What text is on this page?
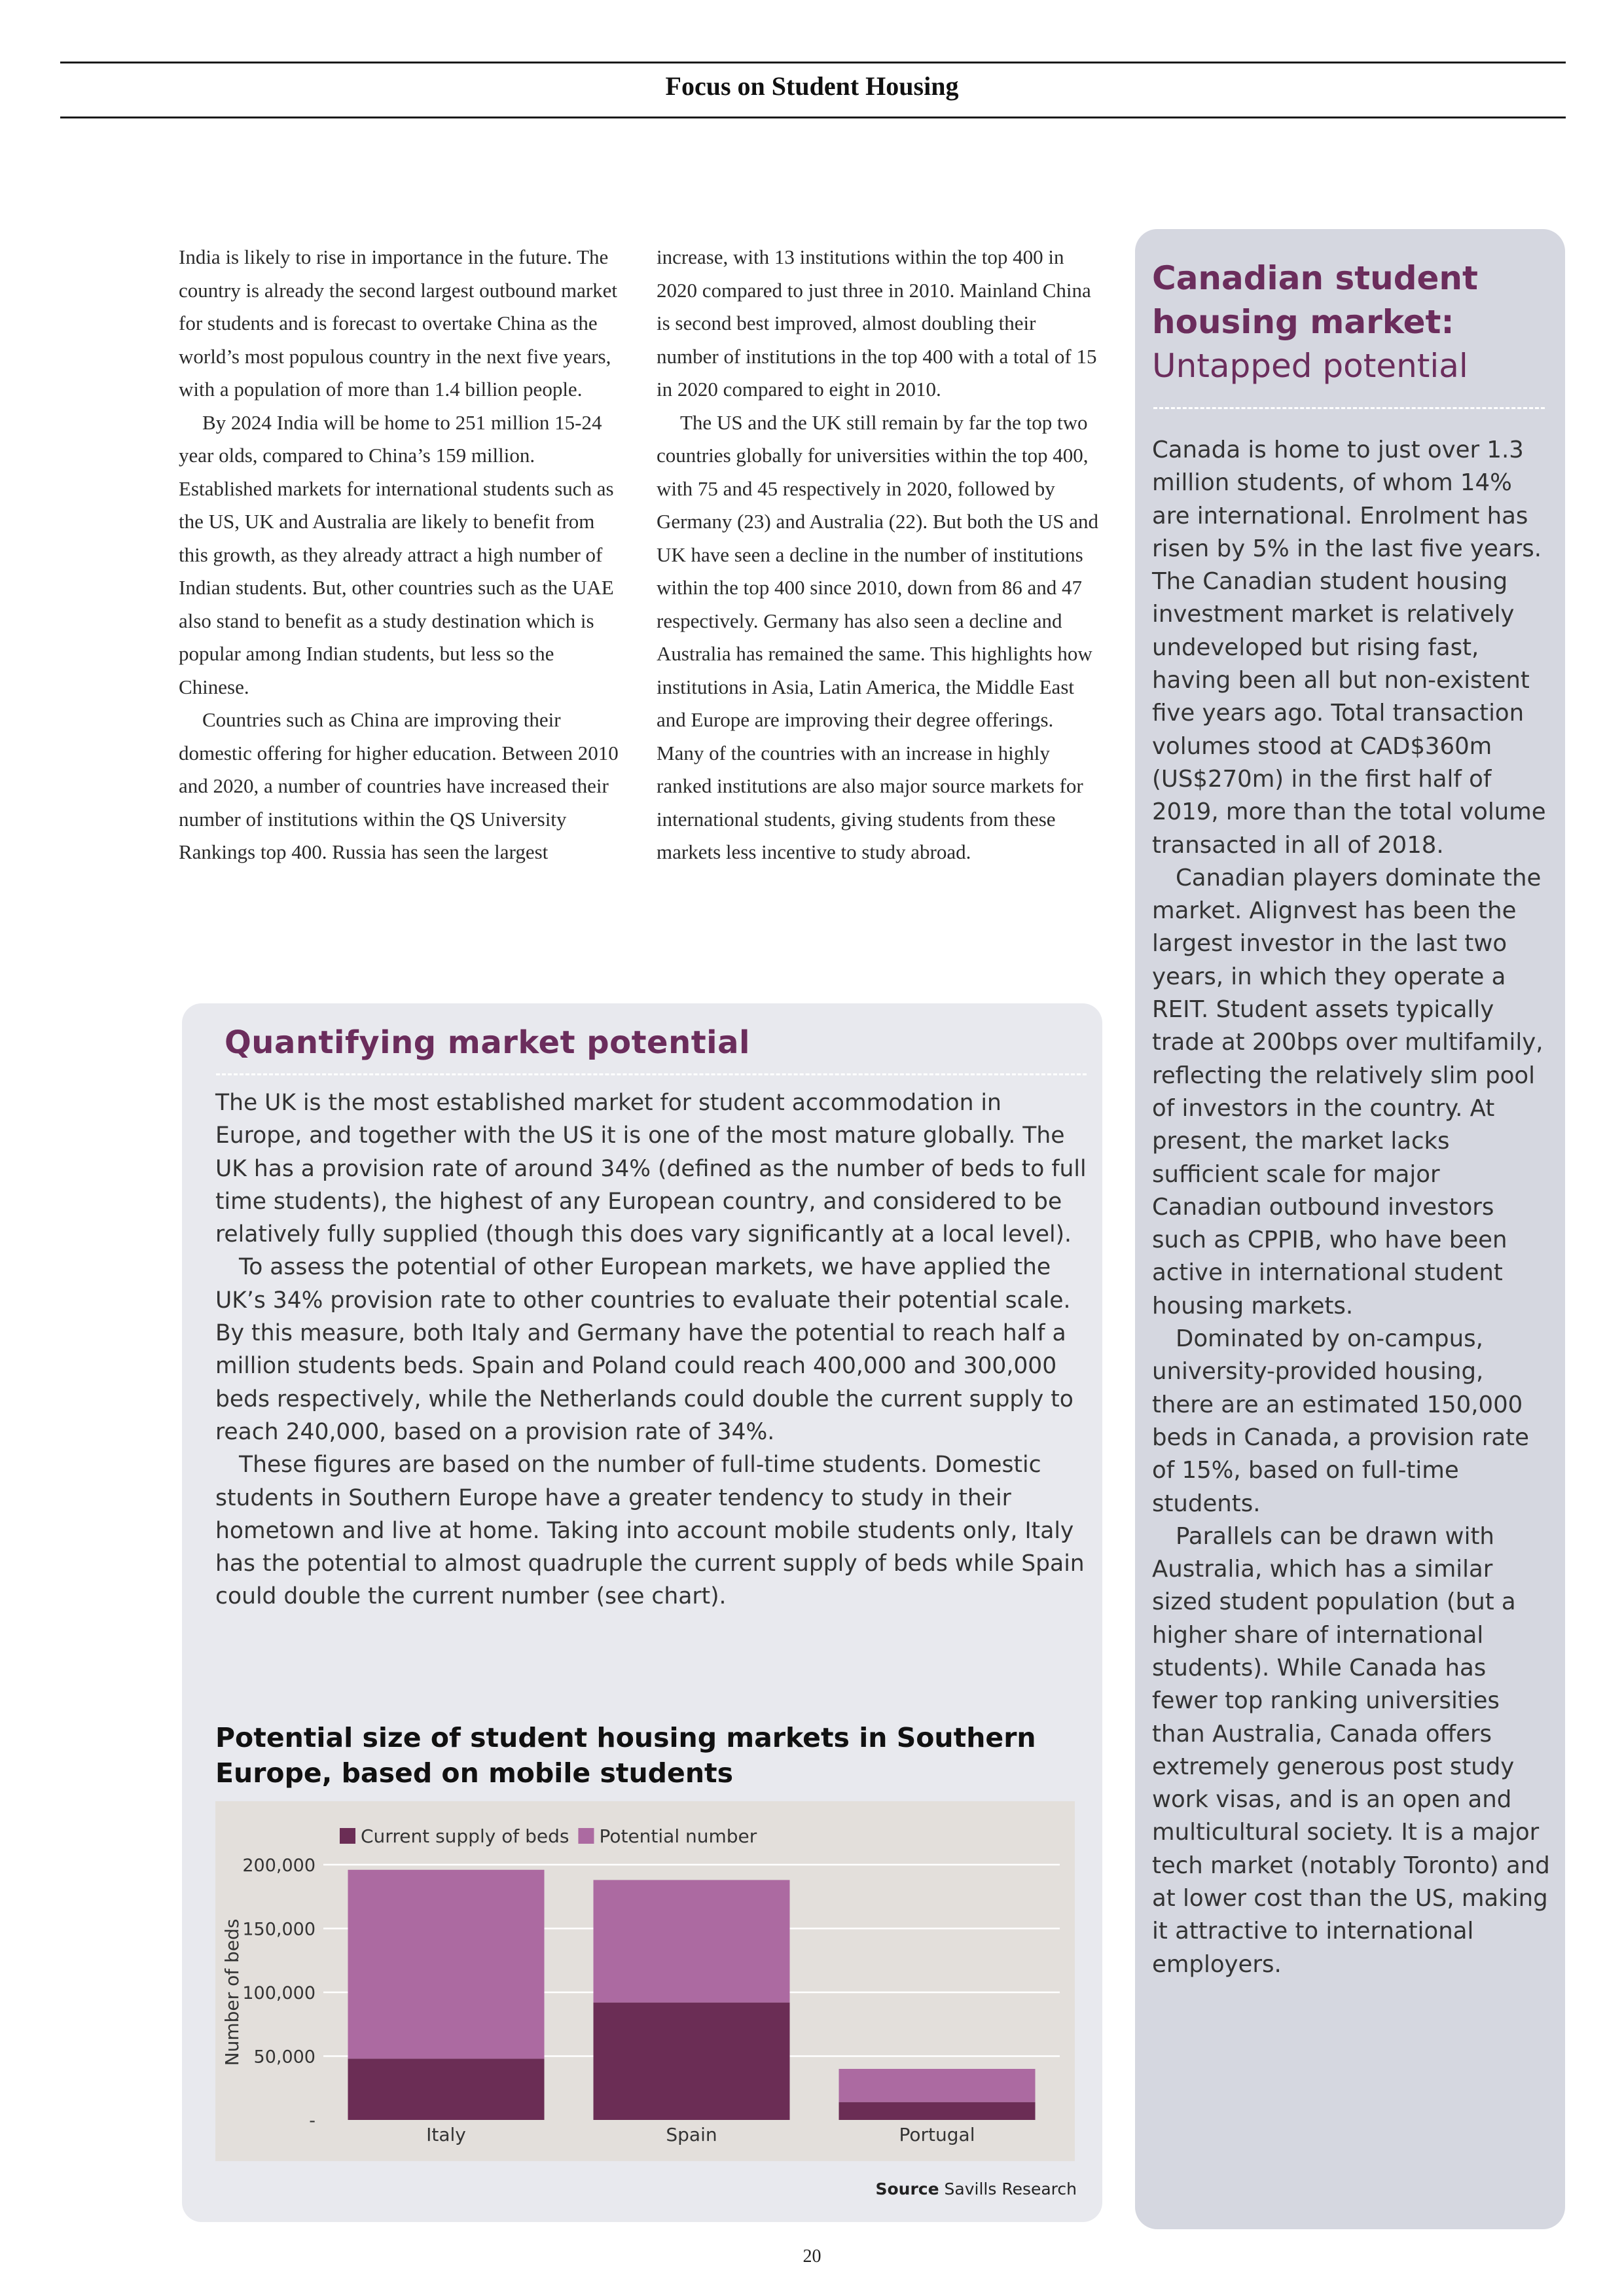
Focus on Student Housing

India is likely to rise in importance in the future. The country is already the second largest outbound market for students and is forecast to overtake China as the world’s most populous country in the next five years, with a population of more than 1.4 billion people.

By 2024 India will be home to 251 million 15-24 year olds, compared to China’s 159 million. Established markets for international students such as the US, UK and Australia are likely to benefit from this growth, as they already attract a high number of Indian students. But, other countries such as the UAE also stand to benefit as a study destination which is popular among Indian students, but less so the Chinese.

Countries such as China are improving their domestic offering for higher education. Between 2010 and 2020, a number of countries have increased their number of institutions within the QS University Rankings top 400. Russia has seen the largest

increase, with 13 institutions within the top 400 in 2020 compared to just three in 2010. Mainland China is second best improved, almost doubling their number of institutions in the top 400 with a total of 15 in 2020 compared to eight in 2010.

The US and the UK still remain by far the top two countries globally for universities within the top 400, with 75 and 45 respectively in 2020, followed by Germany (23) and Australia (22). But both the US and UK have seen a decline in the number of institutions within the top 400 since 2010, down from 86 and 47 respectively. Germany has also seen a decline and Australia has remained the same. This highlights how institutions in Asia, Latin America, the Middle East and Europe are improving their degree offerings. Many of the countries with an increase in highly ranked institutions are also major source markets for international students, giving students from these markets less incentive to study abroad.

Quantifying market potential

The UK is the most established market for student accommodation in Europe, and together with the US it is one of the most mature globally. The UK has a provision rate of around 34% (defined as the number of beds to full time students), the highest of any European country, and considered to be relatively fully supplied (though this does vary significantly at a local level).

To assess the potential of other European markets, we have applied the UK’s 34% provision rate to other countries to evaluate their potential scale. By this measure, both Italy and Germany have the potential to reach half a million students beds. Spain and Poland could reach 400,000 and 300,000 beds respectively, while the Netherlands could double the current supply to reach 240,000, based on a provision rate of 34%.

These figures are based on the number of full-time students. Domestic students in Southern Europe have a greater tendency to study in their hometown and live at home. Taking into account mobile students only, Italy has the potential to almost quadruple the current supply of beds while Spain could double the current number (see chart).

Potential size of student housing markets in Southern Europe, based on mobile students
-
50,000
100,000
150,000
200,000
Number of beds
Italy	Spain	Portugal
Current supply of beds Potential number
Source Savills Research
Canadian student
housing market:
Untapped potential

Canada is home to just over 1.3 million students, of whom 14% are international. Enrolment has risen by 5% in the last five years. The Canadian student housing investment market is relatively undeveloped but rising fast, having been all but non-existent five years ago. Total transaction volumes stood at CAD$360m (US$270m) in the first half of 2019, more than the total volume transacted in all of 2018.

Canadian players dominate the market. Alignvest has been the largest investor in the last two years, in which they operate a REIT. Student assets typically trade at 200bps over multifamily, reflecting the relatively slim pool of investors in the country. At present, the market lacks sufficient scale for major Canadian outbound investors such as CPPIB, who have been active in international student housing markets.

Dominated by on-campus, university-provided housing, there are an estimated 150,000 beds in Canada, a provision rate of 15%, based on full-time students.

Parallels can be drawn with Australia, which has a similar sized student population (but a higher share of international students). While Canada has fewer top ranking universities than Australia, Canada offers extremely generous post study work visas, and is an open and multicultural society. It is a major tech market (notably Toronto) and at lower cost than the US, making it attractive to international employers.

20
